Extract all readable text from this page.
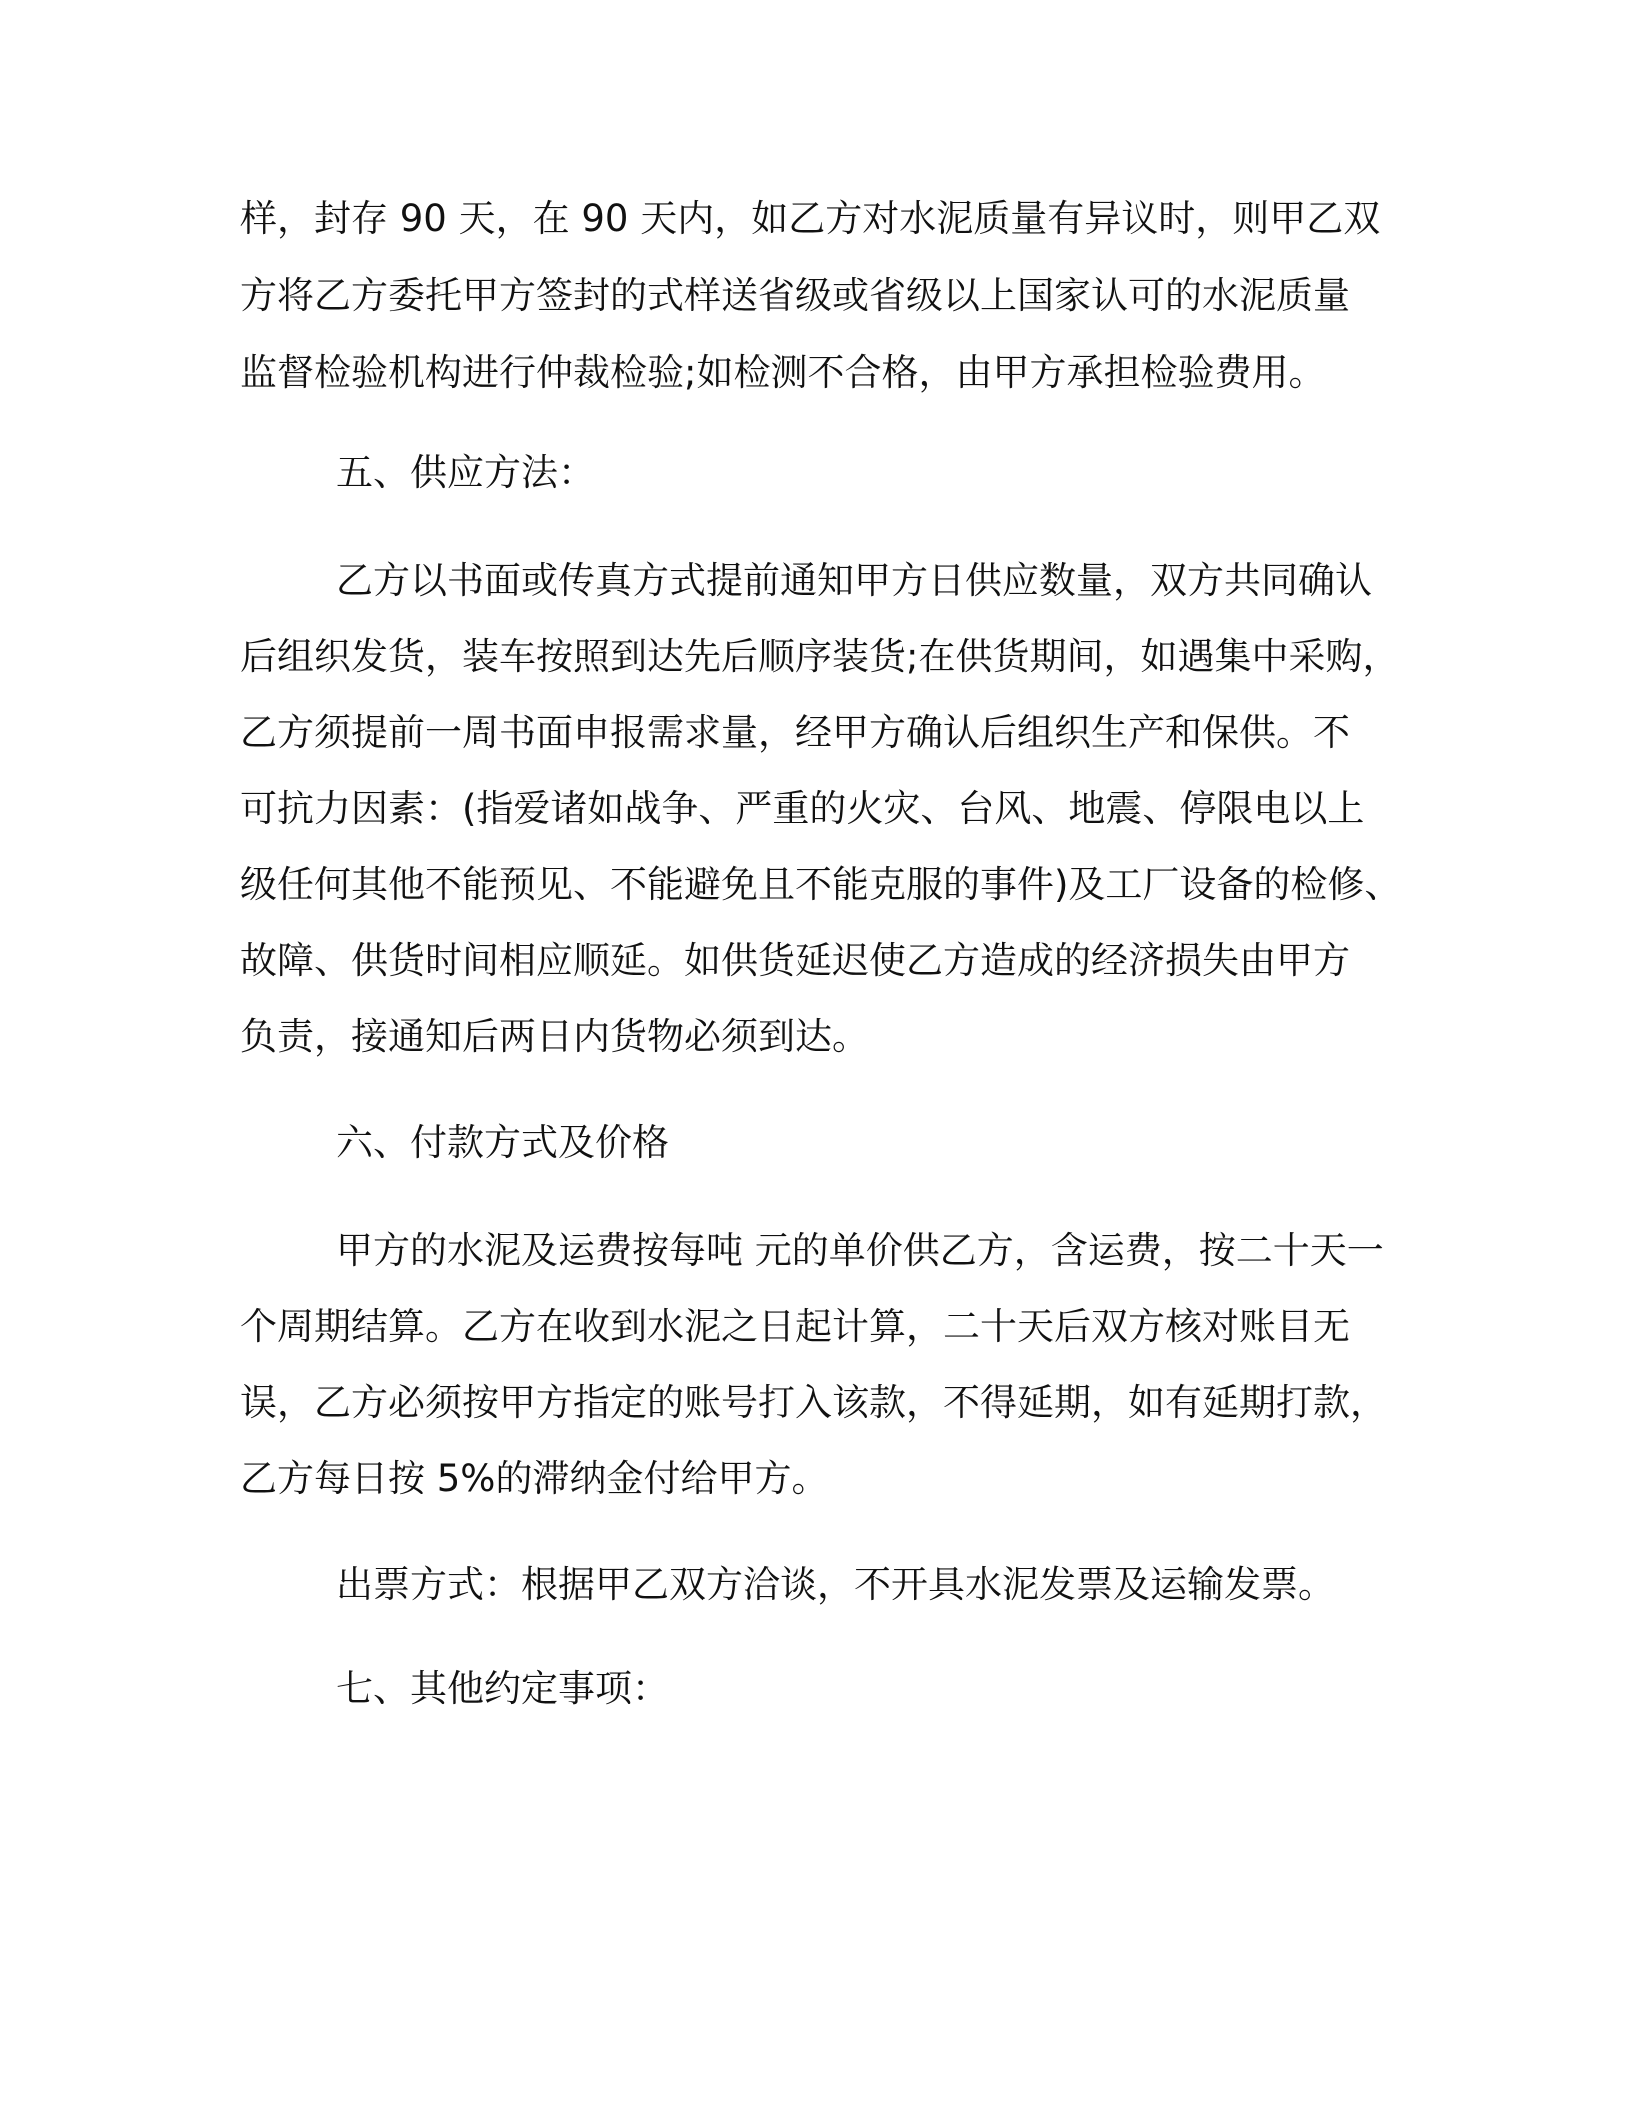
样，封存 90 天，在 90 天内，如乙方对水泥质量有异议时，则甲乙双
方将乙方委托甲方签封的式样送省级或省级以上国家认可的水泥质量
监督检验机构进行仲裁检验;如检测不合格，由甲方承担检验费用。
五、供应方法：
乙方以书面或传真方式提前通知甲方日供应数量，双方共同确认
后组织发货，装车按照到达先后顺序装货;在供货期间，如遇集中采购，
乙方须提前一周书面申报需求量，经甲方确认后组织生产和保供。不
可抗力因素：(指爱诸如战争、严重的火灾、台风、地震、停限电以上
级任何其他不能预见、不能避免且不能克服的事件)及工厂设备的检修、
故障、供货时间相应顺延。如供货延迟使乙方造成的经济损失由甲方
负责，接通知后两日内货物必须到达。
六、付款方式及价格
甲方的水泥及运费按每吨 元的单价供乙方，含运费，按二十天一
个周期结算。乙方在收到水泥之日起计算，二十天后双方核对账目无
误，乙方必须按甲方指定的账号打入该款，不得延期，如有延期打款，
乙方每日按 5%的滞纳金付给甲方。
出票方式：根据甲乙双方洽谈，不开具水泥发票及运输发票。
七、其他约定事项：
